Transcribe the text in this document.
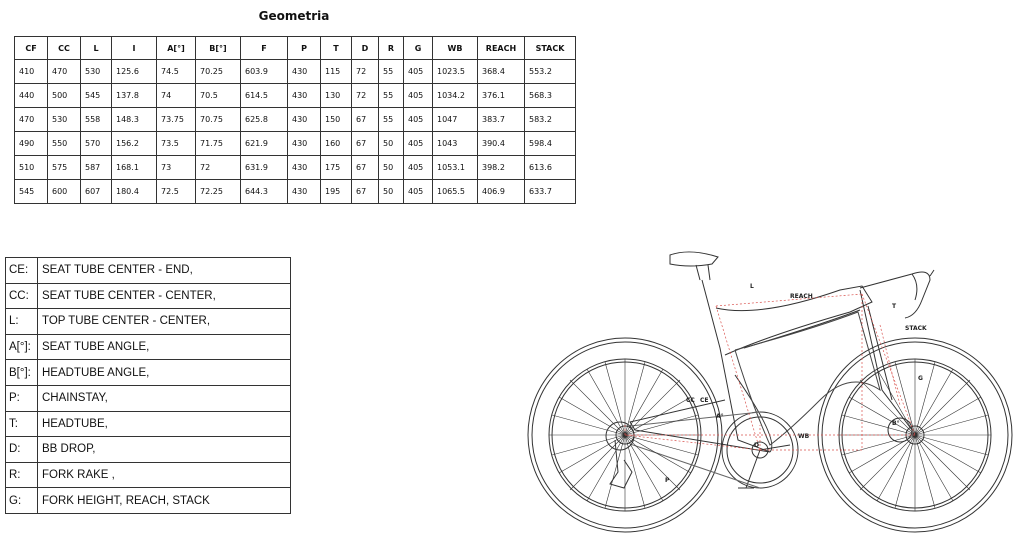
Geometria
CF	CC	L	I	A[°]	B[°]	F	P	T	D	R	G	WB	REACH	STACK
410	470	530	125.6	74.5	70.25	603.9	430	115	72	55	405	1023.5	368.4	553.2
440	500	545	137.8	74	70.5	614.5	430	130	72	55	405	1034.2	376.1	568.3
470	530	558	148.3	73.75	70.75	625.8	430	150	67	55	405	1047	383.7	583.2
490	550	570	156.2	73.5	71.75	621.9	430	160	67	50	405	1043	390.4	598.4
510	575	587	168.1	73	72	631.9	430	175	67	50	405	1053.1	398.2	613.6
545	600	607	180.4	72.5	72.25	644.3	430	195	67	50	405	1065.5	406.9	633.7
CE:	SEAT TUBE CENTER - END,
CC:	SEAT TUBE CENTER - CENTER,
L:	TOP TUBE CENTER - CENTER,
A[°]:	SEAT TUBE ANGLE,
B[°]:	HEADTUBE ANGLE,
P:	CHAINSTAY,
T:	HEADTUBE,
D:	BB DROP,
R:	FORK RAKE ,
G:	FORK HEIGHT, REACH, STACK
L
REACH
T
STACK
G
CC CE
A°
B°
D
WB
P
